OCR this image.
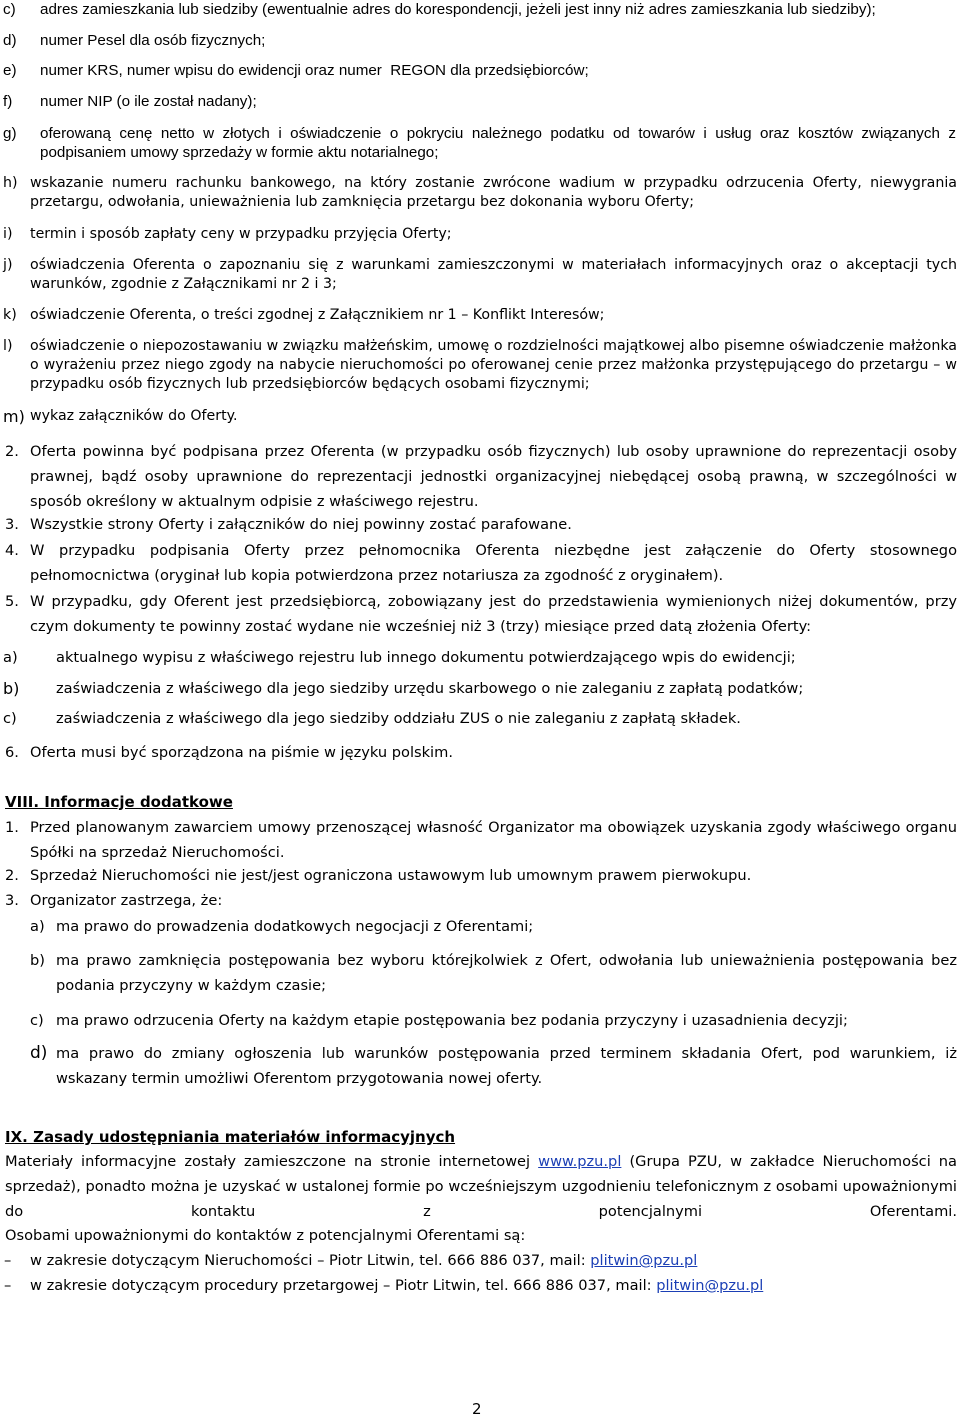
c) adres zamieszkania lub siedziby (ewentualnie adres do korespondencji, jeżeli jest inny niż adres zamieszkania lub siedziby);
d) numer Pesel dla osób fizycznych;
e) numer KRS, numer wpisu do ewidencji oraz numer  REGON dla przedsiębiorców;
f) numer NIP (o ile został nadany);
g) oferowaną cenę netto w złotych i oświadczenie o pokryciu należnego podatku od towarów i usług oraz kosztów związanych z podpisaniem umowy sprzedaży w formie aktu notarialnego;
h) wskazanie numeru rachunku bankowego, na który zostanie zwrócone wadium w przypadku odrzucenia Oferty, niewygrania przetargu, odwołania, unieważnienia lub zamknięcia przetargu bez dokonania wyboru Oferty;
i) termin i sposób zapłaty ceny w przypadku przyjęcia Oferty;
j) oświadczenia Oferenta o zapoznaniu się z warunkami zamieszczonymi w materiałach informacyjnych oraz o akceptacji tych warunków, zgodnie z Załącznikami nr 2 i 3;
k) oświadczenie Oferenta, o treści zgodnej z Załącznikiem nr 1 – Konflikt Interesów;
l) oświadczenie o niepozostawaniu w związku małżeńskim, umowę o rozdzielności majątkowej albo pisemne oświadczenie małżonka o wyrażeniu przez niego zgody na nabycie nieruchomości po oferowanej cenie przez małżonka przystępującego do przetargu – w przypadku osób fizycznych lub przedsiębiorców będących osobami fizycznymi;
m) wykaz załączników do Oferty.
2. Oferta powinna być podpisana przez Oferenta (w przypadku osób fizycznych) lub osoby uprawnione do reprezentacji osoby prawnej, bądź osoby uprawnione do reprezentacji jednostki organizacyjnej niebędącej osobą prawną, w szczególności w sposób określony w aktualnym odpisie z właściwego rejestru.
3. Wszystkie strony Oferty i załączników do niej powinny zostać parafowane.
4. W przypadku podpisania Oferty przez pełnomocnika Oferenta niezbędne jest załączenie do Oferty stosownego pełnomocnictwa (oryginał lub kopia potwierdzona przez notariusza za zgodność z oryginałem).
5. W przypadku, gdy Oferent jest przedsiębiorcą, zobowiązany jest do przedstawienia wymienionych niżej dokumentów, przy czym dokumenty te powinny zostać wydane nie wcześniej niż 3 (trzy) miesiące przed datą złożenia Oferty:
a)	aktualnego wypisu z właściwego rejestru lub innego dokumentu potwierdzającego wpis do ewidencji;
b)	zaświadczenia z właściwego dla jego siedziby urzędu skarbowego o nie zaleganiu z zapłatą podatków;
c)	zaświadczenia z właściwego dla jego siedziby oddziału ZUS o nie zaleganiu z zapłatą składek.
6. Oferta musi być sporządzona na piśmie w języku polskim.
VIII. Informacje dodatkowe
1. Przed planowanym zawarciem umowy przenoszącej własność Organizator ma obowiązek uzyskania zgody właściwego organu Spółki na sprzedaż Nieruchomości.
2. Sprzedaż Nieruchomości nie jest/jest ograniczona ustawowym lub umownym prawem pierwokupu.
3. Organizator zastrzega, że:
a) ma prawo do prowadzenia dodatkowych negocjacji z Oferentami;
b) ma prawo zamknięcia postępowania bez wyboru którejkolwiek z Ofert, odwołania lub unieważnienia postępowania bez podania przyczyny w każdym czasie;
c) ma prawo odrzucenia Oferty na każdym etapie postępowania bez podania przyczyny i uzasadnienia decyzji;
d) ma prawo do zmiany ogłoszenia lub warunków postępowania przed terminem składania Ofert, pod warunkiem, iż wskazany termin umożliwi Oferentom przygotowania nowej oferty.
IX. Zasady udostępniania materiałów informacyjnych
Materiały informacyjne zostały zamieszczone na stronie internetowej www.pzu.pl (Grupa PZU, w zakładce Nieruchomości na sprzedaż), ponadto można je uzyskać w ustalonej formie po wcześniejszym uzgodnieniu telefonicznym z osobami upoważnionymi do kontaktu z potencjalnymi Oferentami.
Osobami upoważnionymi do kontaktów z potencjalnymi Oferentami są:
– w zakresie dotyczącym Nieruchomości – Piotr Litwin, tel. 666 886 037, mail: plitwin@pzu.pl
– w zakresie dotyczącym procedury przetargowej – Piotr Litwin, tel. 666 886 037, mail: plitwin@pzu.pl
2
